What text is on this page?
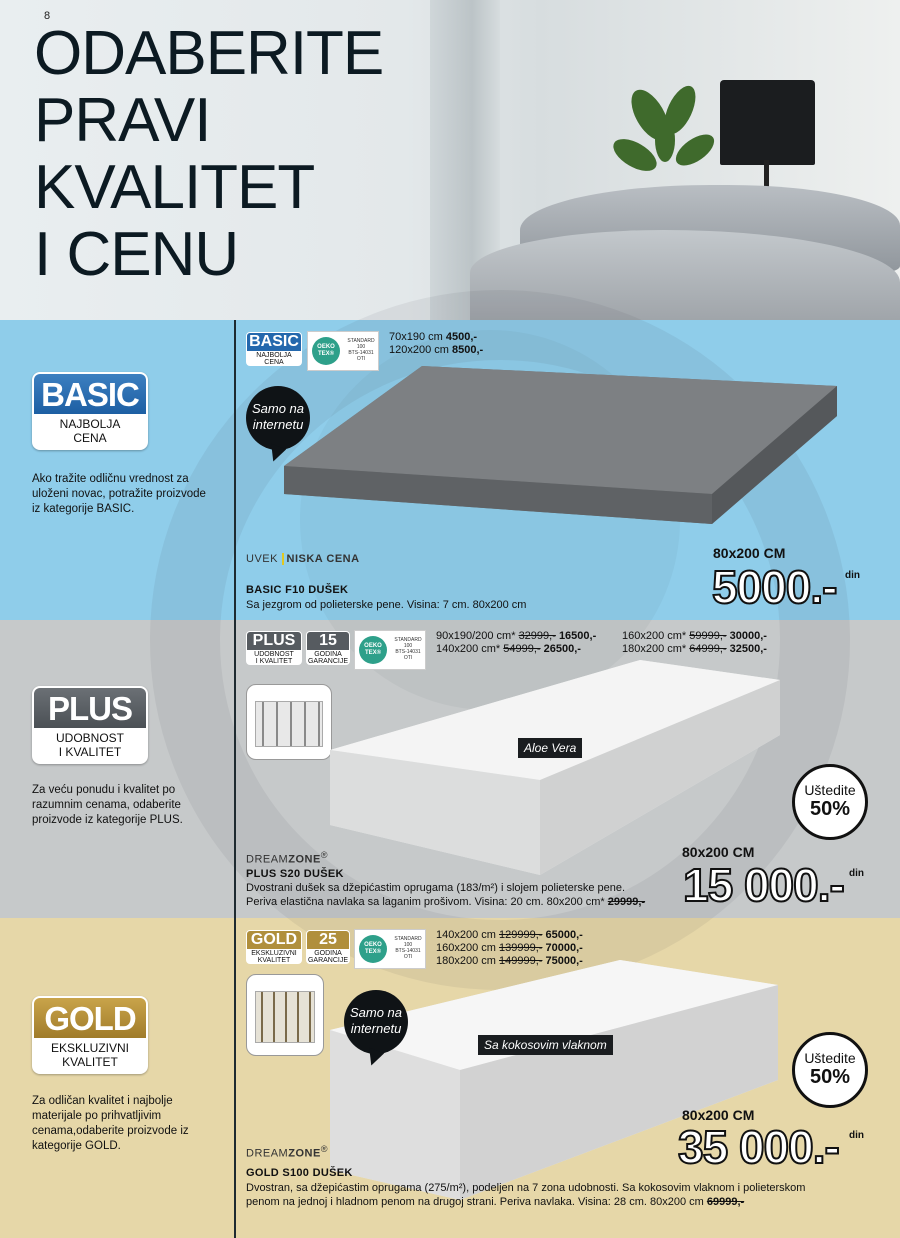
8
ODABERITE
PRAVI
KVALITET
I CENU
BASIC
NAJBOLJA
CENA
Ako tražite odličnu vrednost za uloženi novac, potražite proizvode iz kategorije BASIC.
BASIC
NAJBOLJA
CENA
OEKO TEX®
STANDARD
100
BTS-14031
OTI
70x190 cm 4500,-
120x200 cm 8500,-
Samo na
internetu
UVEK NISKA CENA
BASIC F10 DUŠEK
Sa jezgrom od polieterske pene. Visina: 7 cm. 80x200 cm
80x200 CM
5000.- din
PLUS
UDOBNOST
I KVALITET
Za veću ponudu i kvalitet po razumnim cenama, odaberite proizvode iz kategorije PLUS.
PLUS
UDOBNOST
I KVALITET
15
GODINA
GARANCIJE
OEKO TEX®
STANDARD
100
BTS-14031
OTI
90x190/200 cm* 32999,- 16500,-
140x200 cm* 54999,- 26500,-
160x200 cm* 59999,- 30000,-
180x200 cm* 64999,- 32500,-
Aloe Vera
Uštedite
50%
DREAMZONE®
PLUS S20 DUŠEK
Dvostrani dušek sa džepićastim oprugama (183/m²) i slojem polieterske pene.
Periva elastična navlaka sa laganim prošivom. Visina: 20 cm. 80x200 cm* 29999,-
80x200 CM
15 000.- din
GOLD
EKSKLUZIVNI
KVALITET
Za odličan kvalitet i najbolje materijale po prihvatljivim cenama,odaberite proizvode iz kategorije GOLD.
GOLD
EKSKLUZIVNI
KVALITET
25
GODINA
GARANCIJE
OEKO TEX®
STANDARD
100
BTS-14031
OTI
140x200 cm 129999,- 65000,-
160x200 cm 139999,- 70000,-
180x200 cm 149999,- 75000,-
Samo na
internetu
Sa kokosovim vlaknom
Uštedite
50%
DREAMZONE®
GOLD S100 DUŠEK
Dvostran, sa džepićastim oprugama (275/m²), podeljen na 7 zona udobnosti. Sa kokosovim vlaknom i polieterskom
penom na jednoj i hladnom penom na drugoj strani. Periva navlaka. Visina: 28 cm. 80x200 cm 69999,-
80x200 CM
35 000.- din
